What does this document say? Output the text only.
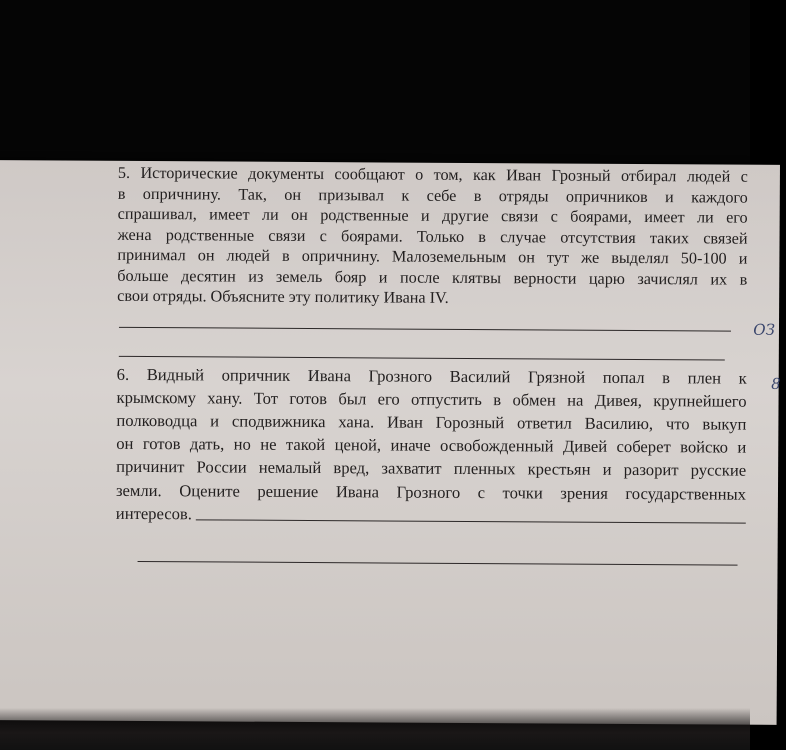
ОЗ
8
5. Исторические документы сообщают о том, как Иван Грозный отбирал людей с
в опричнину. Так, он призывал к себе в отряды опричников и каждого
спрашивал, имеет ли он родственные и другие связи с боярами, имеет ли его
жена родственные связи с боярами. Только в случае отсутствия таких связей
принимал он людей в опричнину. Малоземельным он тут же выделял 50-100 и
больше десятин из земель бояр и после клятвы верности царю зачислял их в
свои отряды. Объясните эту политику Ивана IV.
6. Видный опричник Ивана Грозного Василий Грязной попал в плен к
крымскому хану. Тот готов был его отпустить в обмен на Дивея, крупнейшего
полководца и сподвижника хана. Иван Горозный ответил Василию, что выкуп
он готов дать, но не такой ценой, иначе освобожденный Дивей соберет войско и
причинит России немалый вред, захватит пленных крестьян и разорит русские
земли. Оцените решение Ивана Грозного с точки зрения государственных
интересов.
